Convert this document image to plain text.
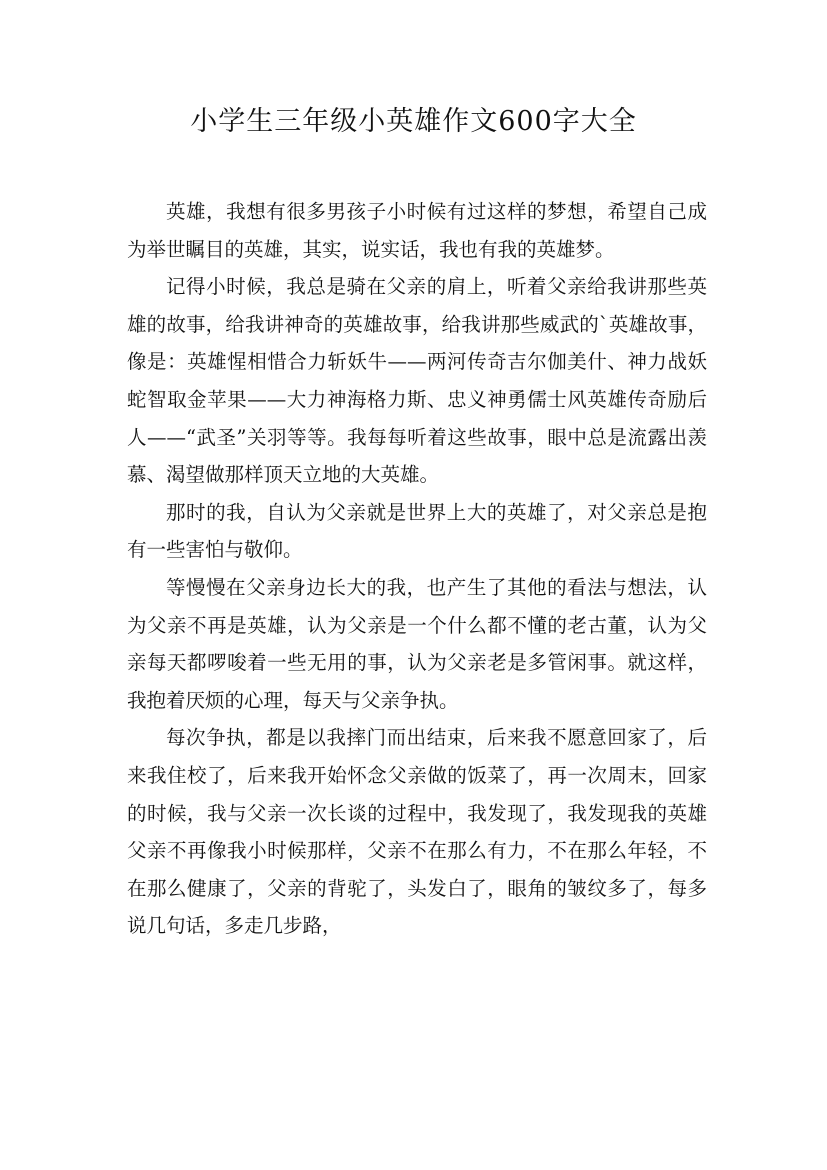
小学生三年级小英雄作文600字大全

英雄，我想有很多男孩子小时候有过这样的梦想，希望自己成为举世瞩目的英雄，其实，说实话，我也有我的英雄梦。

记得小时候，我总是骑在父亲的肩上，听着父亲给我讲那些英雄的故事，给我讲神奇的英雄故事，给我讲那些威武的`英雄故事，像是：英雄惺相惜合力斩妖牛——两河传奇吉尔伽美什、神力战妖蛇智取金苹果——大力神海格力斯、忠义神勇儒士风英雄传奇励后人——“武圣”关羽等等。我每每听着这些故事，眼中总是流露出羡慕、渴望做那样顶天立地的大英雄。

那时的我，自认为父亲就是世界上大的英雄了，对父亲总是抱有一些害怕与敬仰。

等慢慢在父亲身边长大的我，也产生了其他的看法与想法，认为父亲不再是英雄，认为父亲是一个什么都不懂的老古董，认为父亲每天都啰唆着一些无用的事，认为父亲老是多管闲事。就这样，我抱着厌烦的心理，每天与父亲争执。

每次争执，都是以我摔门而出结束，后来我不愿意回家了，后来我住校了，后来我开始怀念父亲做的饭菜了，再一次周末，回家的时候，我与父亲一次长谈的过程中，我发现了，我发现我的英雄父亲不再像我小时候那样，父亲不在那么有力，不在那么年轻，不在那么健康了，父亲的背驼了，头发白了，眼角的皱纹多了，每多说几句话，多走几步路，
